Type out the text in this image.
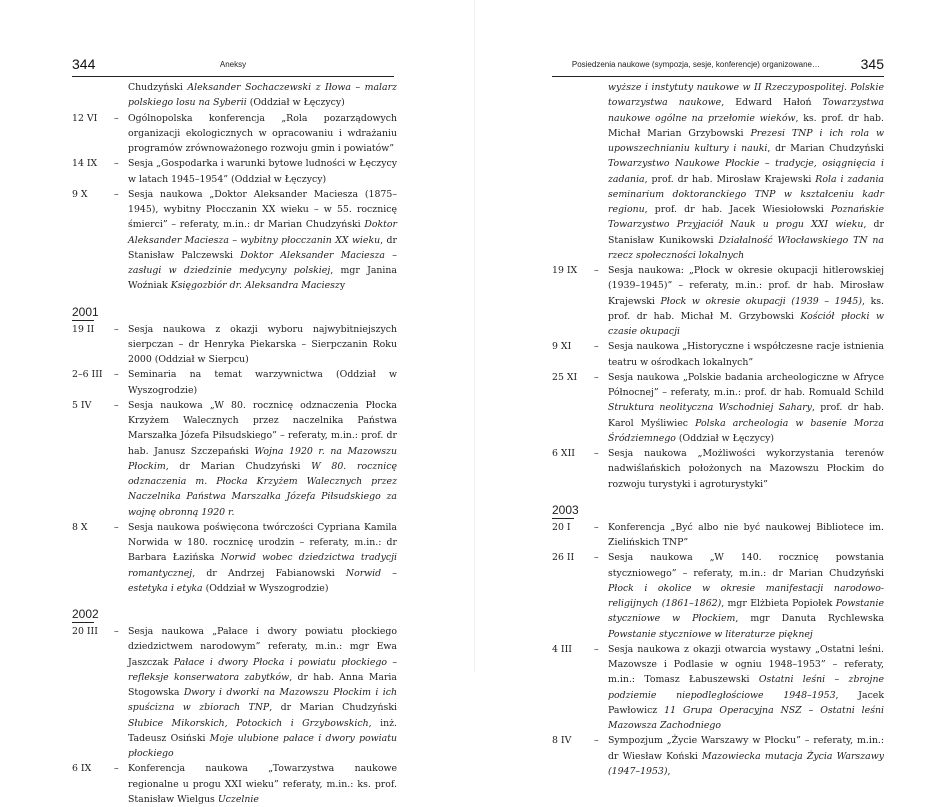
344	Aneksy
Chudzyński Aleksander Sochaczewski z Iłowa – malarz polskiego losu na Syberii (Oddział w Łęczycy)
12 VI	– Ogólnopolska konferencja „Rola pozarządowych organizacji ekologicznych w opracowaniu i wdrażaniu programów zrównoważonego rozwoju gmin i powiatów”
14 IX	– Sesja „Gospodarka i warunki bytowe ludności w Łęczycy w latach 1945–1954” (Oddział w Łęczycy)
9 X	– Sesja naukowa „Doktor Aleksander Maciesza (1875–1945), wybitny Płocczanin XX wieku – w 55. rocznicę śmierci” – referaty, m.in.: dr Marian Chudzyński Doktor Aleksander Maciesza – wybitny płocczanin XX wieku, dr Stanisław Palczewski Doktor Aleksander Maciesza – zasługi w dziedzinie medycyny polskiej, mgr Janina Woźniak Księgozbiór dr. Aleksandra Macieszy
2001
19 II	– Sesja naukowa z okazji wyboru najwybitniejszych sierpczan – dr Henryka Piekarska – Sierpczanin Roku 2000 (Oddział w Sierpcu)
2–6 III	– Seminaria na temat warzywnictwa (Oddział w Wyszogrodzie)
5 IV	– Sesja naukowa „W 80. rocznicę odznaczenia Płocka Krzyżem Walecznych przez naczelnika Państwa Marszałka Józefa Piłsudskiego” – referaty, m.in.: prof. dr hab. Janusz Szczepański Wojna 1920 r. na Mazowszu Płockim, dr Marian Chudzyński W 80. rocznicę odznaczenia m. Płocka Krzyżem Walecznych przez Naczelnika Państwa Marszałka Józefa Piłsudskiego za wojnę obronną 1920 r.
8 X	– Sesja naukowa poświęcona twórczości Cypriana Kamila Norwida w 180. rocznicę urodzin – referaty, m.in.: dr Barbara Łazińska Norwid wobec dziedzictwa tradycji romantycznej, dr Andrzej Fabianowski Norwid – estetyka i etyka (Oddział w Wyszogrodzie)
2002
20 III	– Sesja naukowa „Pałace i dwory powiatu płockiego dziedzictwem narodowym” referaty, m.in.: mgr Ewa Jaszczak Pałace i dwory Płocka i powiatu płockiego – refleksje konserwatora zabytków, dr hab. Anna Maria Stogowska Dwory i dworki na Mazowszu Płockim i ich spuścizna w zbiorach TNP, dr Marian Chudzyński Słubice Mikorskich, Potockich i Grzybowskich, inż. Tadeusz Osiński Moje ulubione pałace i dwory powiatu płockiego
6 IX	– Konferencja naukowa „Towarzystwa naukowe regionalne u progu XXI wieku” referaty, m.in.: ks. prof. Stanisław Wielgus Uczelnie
Posiedzenia naukowe (sympozja, sesje, konferencje) organizowane…	345
wyższe i instytuty naukowe w II Rzeczypospolitej. Polskie towarzystwa naukowe, Edward Hałoń Towarzystwa naukowe ogólne na przełomie wieków, ks. prof. dr hab. Michał Marian Grzybowski Prezesi TNP i ich rola w upowszechnianiu kultury i nauki, dr Marian Chudzyński Towarzystwo Naukowe Płockie – tradycje, osiągnięcia i zadania, prof. dr hab. Mirosław Krajewski Rola i zadania seminarium doktoranckiego TNP w kształceniu kadr regionu, prof. dr hab. Jacek Wiesiołowski Poznańskie Towarzystwo Przyjaciół Nauk u progu XXI wieku, dr Stanisław Kunikowski Działalność Włocławskiego TN na rzecz społeczności lokalnych
19 IX	– Sesja naukowa: „Płock w okresie okupacji hitlerowskiej (1939–1945)” – referaty, m.in.: prof. dr hab. Mirosław Krajewski Płock w okresie okupacji (1939 – 1945), ks. prof. dr hab. Michał M. Grzybowski Kościół płocki w czasie okupacji
9 XI	– Sesja naukowa „Historyczne i współczesne racje istnienia teatru w ośrodkach lokalnych”
25 XI	– Sesja naukowa „Polskie badania archeologiczne w Afryce Północnej” – referaty, m.in.: prof. dr hab. Romuald Schild Struktura neolityczna Wschodniej Sahary, prof. dr hab. Karol Myśliwiec Polska archeologia w basenie Morza Śródziemnego (Oddział w Łęczycy)
6 XII	– Sesja naukowa „Możliwości wykorzystania terenów nadwiślańskich położonych na Mazowszu Płockim do rozwoju turystyki i agroturystyki”
2003
20 I	– Konferencja „Być albo nie być naukowej Bibliotece im. Zielińskich TNP”
26 II	– Sesja naukowa „W 140. rocznicę powstania styczniowego” – referaty, m.in.: dr Marian Chudzyński Płock i okolice w okresie manifestacji narodowo-religijnych (1861–1862), mgr Elżbieta Popiołek Powstanie styczniowe w Płockiem, mgr Danuta Rychlewska Powstanie styczniowe w literaturze pięknej
4 III	– Sesja naukowa z okazji otwarcia wystawy „Ostatni leśni. Mazowsze i Podlasie w ogniu 1948–1953” – referaty, m.in.: Tomasz Łabuszewski Ostatni leśni – zbrojne podziemie niepodległościowe 1948–1953, Jacek Pawłowicz 11 Grupa Operacyjna NSZ – Ostatni leśni Mazowsza Zachodniego
8 IV	– Sympozjum „Życie Warszawy w Płocku” – referaty, m.in.: dr Wiesław Koński Mazowiecka mutacja Życia Warszawy (1947–1953),
